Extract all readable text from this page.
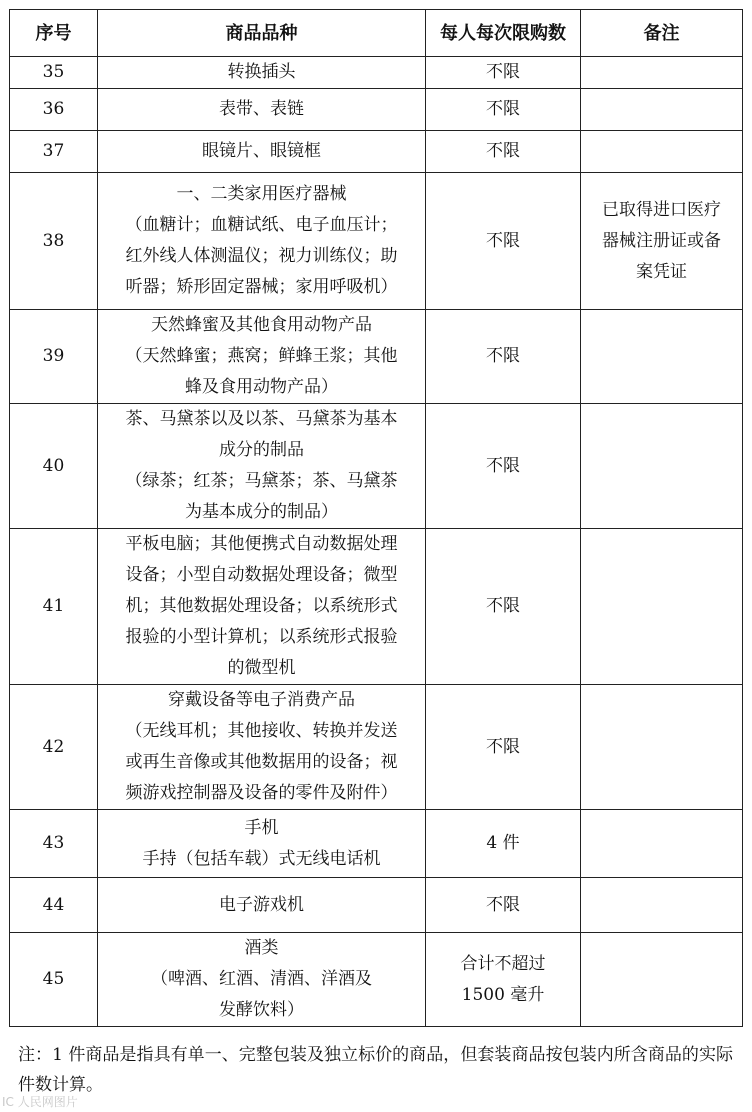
序号	商品品种	每人每次限购数	备注
35	转换插头	不限	

36	表带、表链	不限	

37	眼镜片、眼镜框	不限	

38	一、二类家用医疗器械
（血糖计；血糖试纸、电子血压计；
红外线人体测温仪；视力训练仪；助
听器；矫形固定器械；家用呼吸机）	不限	已取得进口医疗
器械注册证或备
案凭证

39	天然蜂蜜及其他食用动物产品
（天然蜂蜜；燕窝；鲜蜂王浆；其他
蜂及食用动物产品）	不限	

40	茶、马黛茶以及以茶、马黛茶为基本
成分的制品
（绿茶；红茶；马黛茶；茶、马黛茶
为基本成分的制品）	不限	

41	平板电脑；其他便携式自动数据处理
设备；小型自动数据处理设备；微型
机；其他数据处理设备；以系统形式
报验的小型计算机；以系统形式报验
的微型机	不限	

42	穿戴设备等电子消费产品
（无线耳机；其他接收、转换并发送
或再生音像或其他数据用的设备；视
频游戏控制器及设备的零件及附件）	不限	

43	手机
手持（包括车载）式无线电话机	4 件	

44	电子游戏机	不限	

45	酒类
（啤酒、红酒、清酒、洋酒及
发酵饮料）	合计不超过
1500 毫升	

注：1 件商品是指具有单一、完整包装及独立标价的商品，但套装商品按包装内所含商品的实际件数计算。
IC 人民网图片
